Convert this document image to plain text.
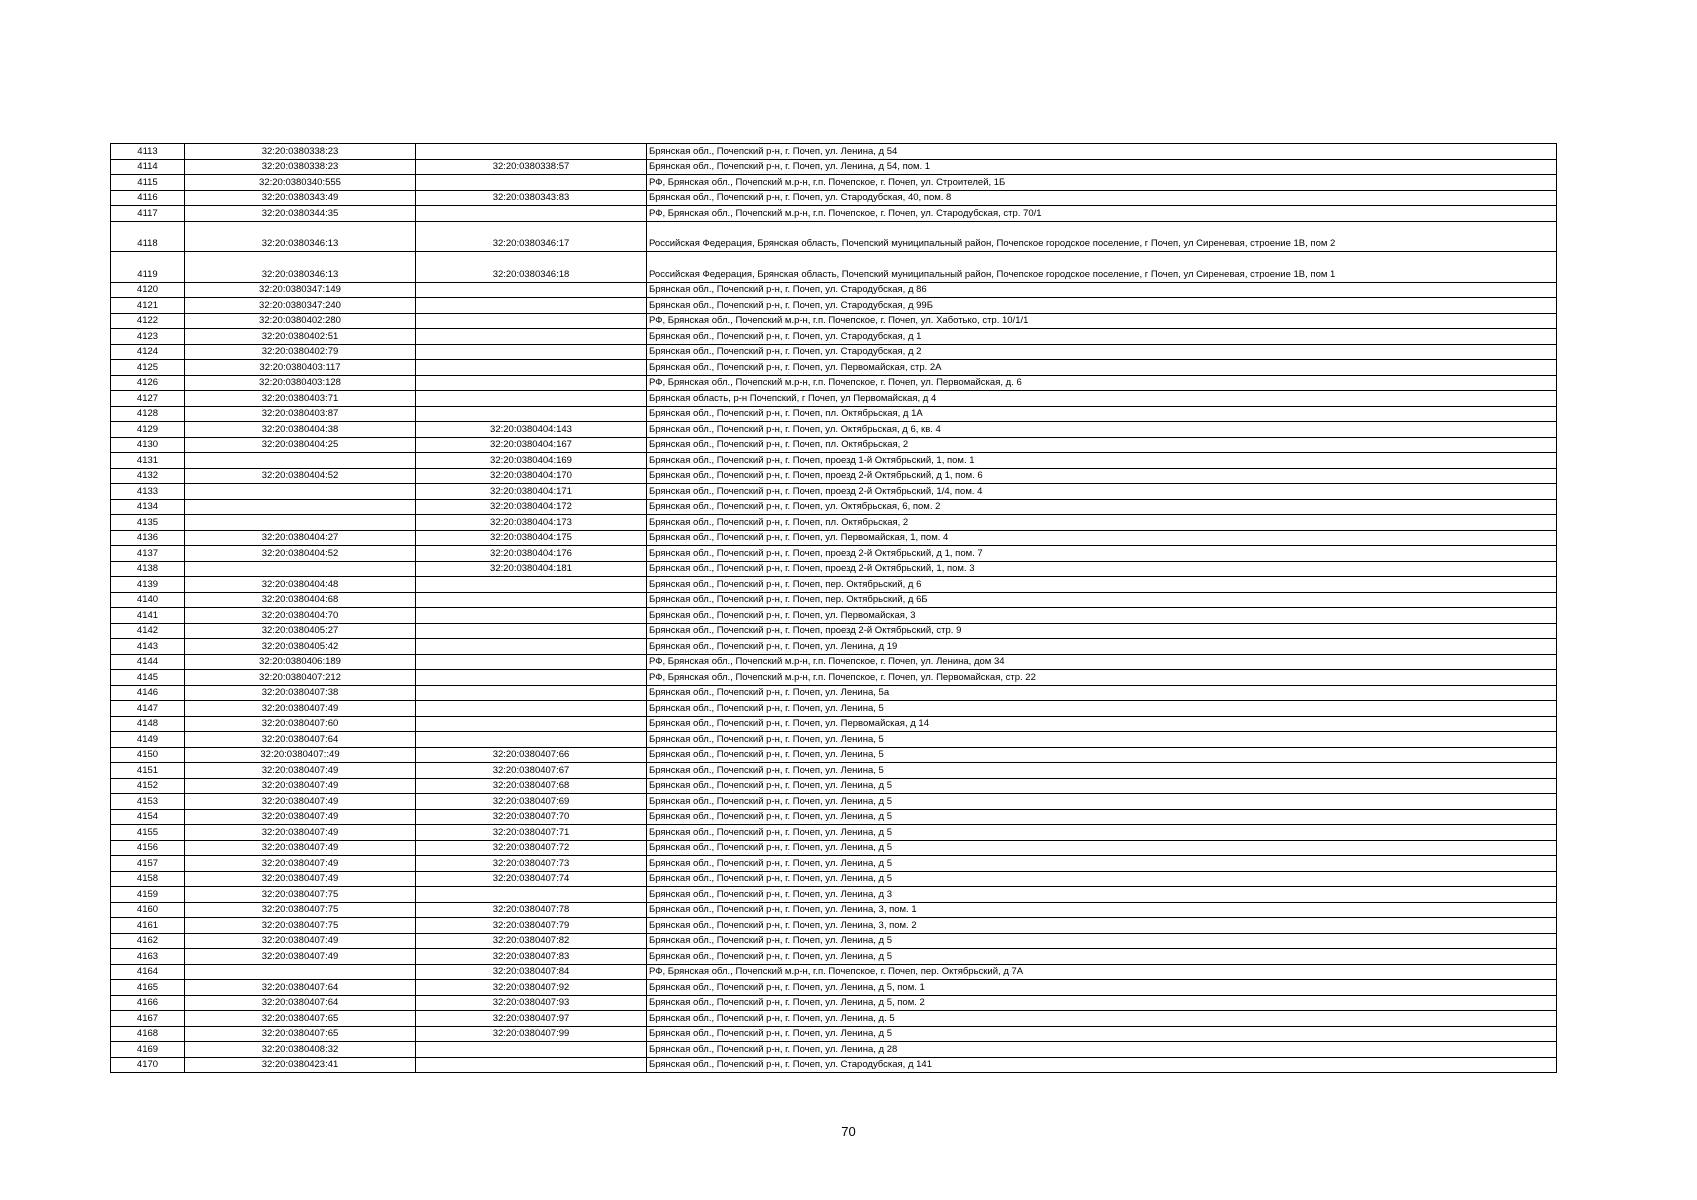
4113	32:20:0380338:23		Брянская обл., Почепский р-н, г. Почеп, ул. Ленина, д 54
4114	32:20:0380338:23	32:20:0380338:57	Брянская обл., Почепский р-н, г. Почеп, ул. Ленина, д 54, пом. 1
4115	32:20:0380340:555		РФ, Брянская обл., Почепский м.р-н, г.п. Почепское, г. Почеп, ул. Строителей, 1Б
4116	32:20:0380343:49	32:20:0380343:83	Брянская обл., Почепский р-н, г. Почеп, ул. Стародубская, 40, пом. 8
4117	32:20:0380344:35		РФ, Брянская обл., Почепский м.р-н, г.п. Почепское, г. Почеп, ул. Стародубская, стр. 70/1
4118	32:20:0380346:13	32:20:0380346:17	Российская Федерация, Брянская область, Почепский муниципальный район, Почепское городское поселение, г Почеп, ул Сиреневая, строение 1В, пом 2
4119	32:20:0380346:13	32:20:0380346:18	Российская Федерация, Брянская область, Почепский муниципальный район, Почепское городское поселение, г Почеп, ул Сиреневая, строение 1В, пом 1
4120	32:20:0380347:149		Брянская обл., Почепский р-н, г. Почеп, ул. Стародубская, д 86
4121	32:20:0380347:240		Брянская обл., Почепский р-н, г. Почеп, ул. Стародубская, д 99Б
4122	32:20:0380402:280		РФ, Брянская обл., Почепский м.р-н, г.п. Почепское, г. Почеп, ул. Хаботько, стр. 10/1/1
4123	32:20:0380402:51		Брянская обл., Почепский р-н, г. Почеп, ул. Стародубская, д 1
4124	32:20:0380402:79		Брянская обл., Почепский р-н, г. Почеп, ул. Стародубская, д 2
4125	32:20:0380403:117		Брянская обл., Почепский р-н, г. Почеп, ул. Первомайская, стр. 2А
4126	32:20:0380403:128		РФ, Брянская обл., Почепский м.р-н, г.п. Почепское, г. Почеп, ул. Первомайская, д. 6
4127	32:20:0380403:71		Брянская область, р-н Почепский, г Почеп, ул Первомайская, д 4
4128	32:20:0380403:87		Брянская обл., Почепский р-н, г. Почеп, пл. Октябрьская, д 1А
4129	32:20:0380404:38	32:20:0380404:143	Брянская обл., Почепский р-н, г. Почеп, ул. Октябрьская, д 6, кв. 4
4130	32:20:0380404:25	32:20:0380404:167	Брянская обл., Почепский р-н, г. Почеп, пл. Октябрьская, 2
4131		32:20:0380404:169	Брянская обл., Почепский р-н, г. Почеп, проезд 1-й Октябрьский, 1, пом. 1
4132	32:20:0380404:52	32:20:0380404:170	Брянская обл., Почепский р-н, г. Почеп, проезд 2-й Октябрьский, д 1, пом. 6
4133		32:20:0380404:171	Брянская обл., Почепский р-н, г. Почеп, проезд 2-й Октябрьский, 1/4, пом. 4
4134		32:20:0380404:172	Брянская обл., Почепский р-н, г. Почеп, ул. Октябрьская, 6, пом. 2
4135		32:20:0380404:173	Брянская обл., Почепский р-н, г. Почеп, пл. Октябрьская, 2
4136	32:20:0380404:27	32:20:0380404:175	Брянская обл., Почепский р-н, г. Почеп, ул. Первомайская, 1, пом. 4
4137	32:20:0380404:52	32:20:0380404:176	Брянская обл., Почепский р-н, г. Почеп, проезд 2-й Октябрьский, д 1, пом. 7
4138		32:20:0380404:181	Брянская обл., Почепский р-н, г. Почеп, проезд 2-й Октябрьский, 1, пом. 3
4139	32:20:0380404:48		Брянская обл., Почепский р-н, г. Почеп, пер. Октябрьский, д 6
4140	32:20:0380404:68		Брянская обл., Почепский р-н, г. Почеп, пер. Октябрьский, д 6Б
4141	32:20:0380404:70		Брянская обл., Почепский р-н, г. Почеп, ул. Первомайская, 3
4142	32:20:0380405:27		Брянская обл., Почепский р-н, г. Почеп, проезд 2-й Октябрьский, стр. 9
4143	32:20:0380405:42		Брянская обл., Почепский р-н, г. Почеп, ул. Ленина, д 19
4144	32:20:0380406:189		РФ, Брянская обл., Почепский м.р-н, г.п. Почепское, г. Почеп, ул. Ленина, дом 34
4145	32:20:0380407:212		РФ, Брянская обл., Почепский м.р-н, г.п. Почепское, г. Почеп, ул. Первомайская, стр. 22
4146	32:20:0380407:38		Брянская обл., Почепский р-н, г. Почеп, ул. Ленина, 5а
4147	32:20:0380407:49		Брянская обл., Почепский р-н, г. Почеп, ул. Ленина, 5
4148	32:20:0380407:60		Брянская обл., Почепский р-н, г. Почеп, ул. Первомайская, д 14
4149	32:20:0380407:64		Брянская обл., Почепский р-н, г. Почеп, ул. Ленина, 5
4150	32:20:0380407::49	32:20:0380407:66	Брянская обл., Почепский р-н, г. Почеп, ул. Ленина, 5
4151	32:20:0380407:49	32:20:0380407:67	Брянская обл., Почепский р-н, г. Почеп, ул. Ленина, 5
4152	32:20:0380407:49	32:20:0380407:68	Брянская обл., Почепский р-н, г. Почеп, ул. Ленина, д 5
4153	32:20:0380407:49	32:20:0380407:69	Брянская обл., Почепский р-н, г. Почеп, ул. Ленина, д 5
4154	32:20:0380407:49	32:20:0380407:70	Брянская обл., Почепский р-н, г. Почеп, ул. Ленина, д 5
4155	32:20:0380407:49	32:20:0380407:71	Брянская обл., Почепский р-н, г. Почеп, ул. Ленина, д 5
4156	32:20:0380407:49	32:20:0380407:72	Брянская обл., Почепский р-н, г. Почеп, ул. Ленина, д 5
4157	32:20:0380407:49	32:20:0380407:73	Брянская обл., Почепский р-н, г. Почеп, ул. Ленина, д 5
4158	32:20:0380407:49	32:20:0380407:74	Брянская обл., Почепский р-н, г. Почеп, ул. Ленина, д 5
4159	32:20:0380407:75		Брянская обл., Почепский р-н, г. Почеп, ул. Ленина, д 3
4160	32:20:0380407:75	32:20:0380407:78	Брянская обл., Почепский р-н, г. Почеп, ул. Ленина, 3, пом. 1
4161	32:20:0380407:75	32:20:0380407:79	Брянская обл., Почепский р-н, г. Почеп, ул. Ленина, 3, пом. 2
4162	32:20:0380407:49	32:20:0380407:82	Брянская обл., Почепский р-н, г. Почеп, ул. Ленина, д 5
4163	32:20:0380407:49	32:20:0380407:83	Брянская обл., Почепский р-н, г. Почеп, ул. Ленина, д 5
4164		32:20:0380407:84	РФ, Брянская обл., Почепский м.р-н, г.п. Почепское, г. Почеп, пер. Октябрьский, д 7А
4165	32:20:0380407:64	32:20:0380407:92	Брянская обл., Почепский р-н, г. Почеп, ул. Ленина, д 5, пом. 1
4166	32:20:0380407:64	32:20:0380407:93	Брянская обл., Почепский р-н, г. Почеп, ул. Ленина, д 5, пом. 2
4167	32:20:0380407:65	32:20:0380407:97	Брянская обл., Почепский р-н, г. Почеп, ул. Ленина, д. 5
4168	32:20:0380407:65	32:20:0380407:99	Брянская обл., Почепский р-н, г. Почеп, ул. Ленина, д 5
4169	32:20:0380408:32		Брянская обл., Почепский р-н, г. Почеп, ул. Ленина, д 28
4170	32:20:0380423:41		Брянская обл., Почепский р-н, г. Почеп, ул. Стародубская, д 141
70
